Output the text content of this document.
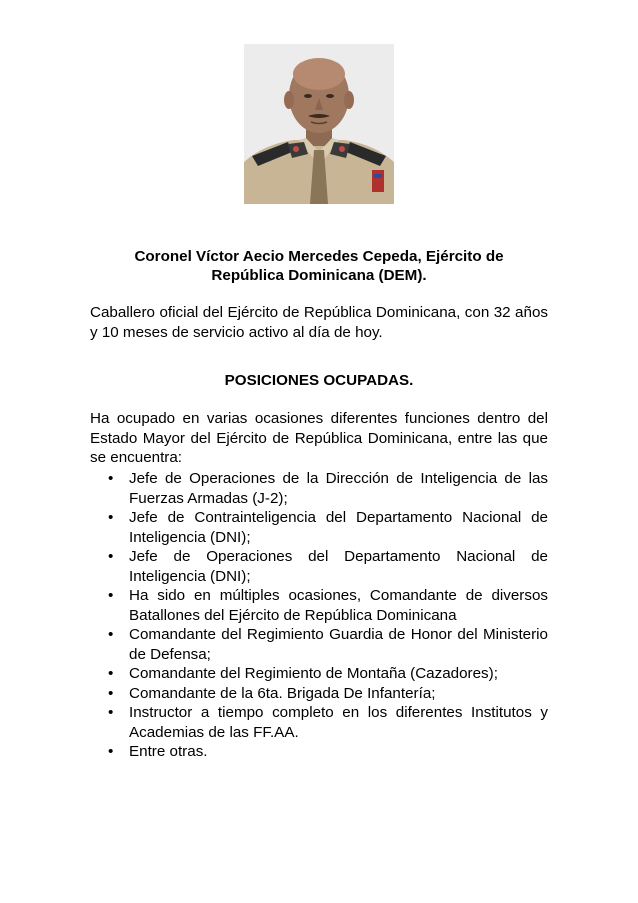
Coronel Víctor Aecio Mercedes Cepeda, Ejército de
República Dominicana (DEM).

Caballero oficial del Ejército de República Dominicana, con 32 años y 10 meses de servicio activo al día de hoy.

POSICIONES OCUPADAS.

Ha ocupado en varias ocasiones diferentes funciones dentro del Estado Mayor del Ejército de República Dominicana, entre las que se encuentra:

• Jefe de Operaciones de la Dirección de Inteligencia de las Fuerzas Armadas (J-2);
• Jefe de Contrainteligencia del Departamento Nacional de Inteligencia (DNI);
• Jefe de Operaciones del Departamento Nacional de Inteligencia (DNI);
• Ha sido en múltiples ocasiones, Comandante de diversos Batallones del Ejército de República Dominicana
• Comandante del Regimiento Guardia de Honor del Ministerio de Defensa;
• Comandante del Regimiento de Montaña (Cazadores);
• Comandante de la 6ta. Brigada De Infantería;
• Instructor a tiempo completo en los diferentes Institutos y Academias de las FF.AA.
• Entre otras.
